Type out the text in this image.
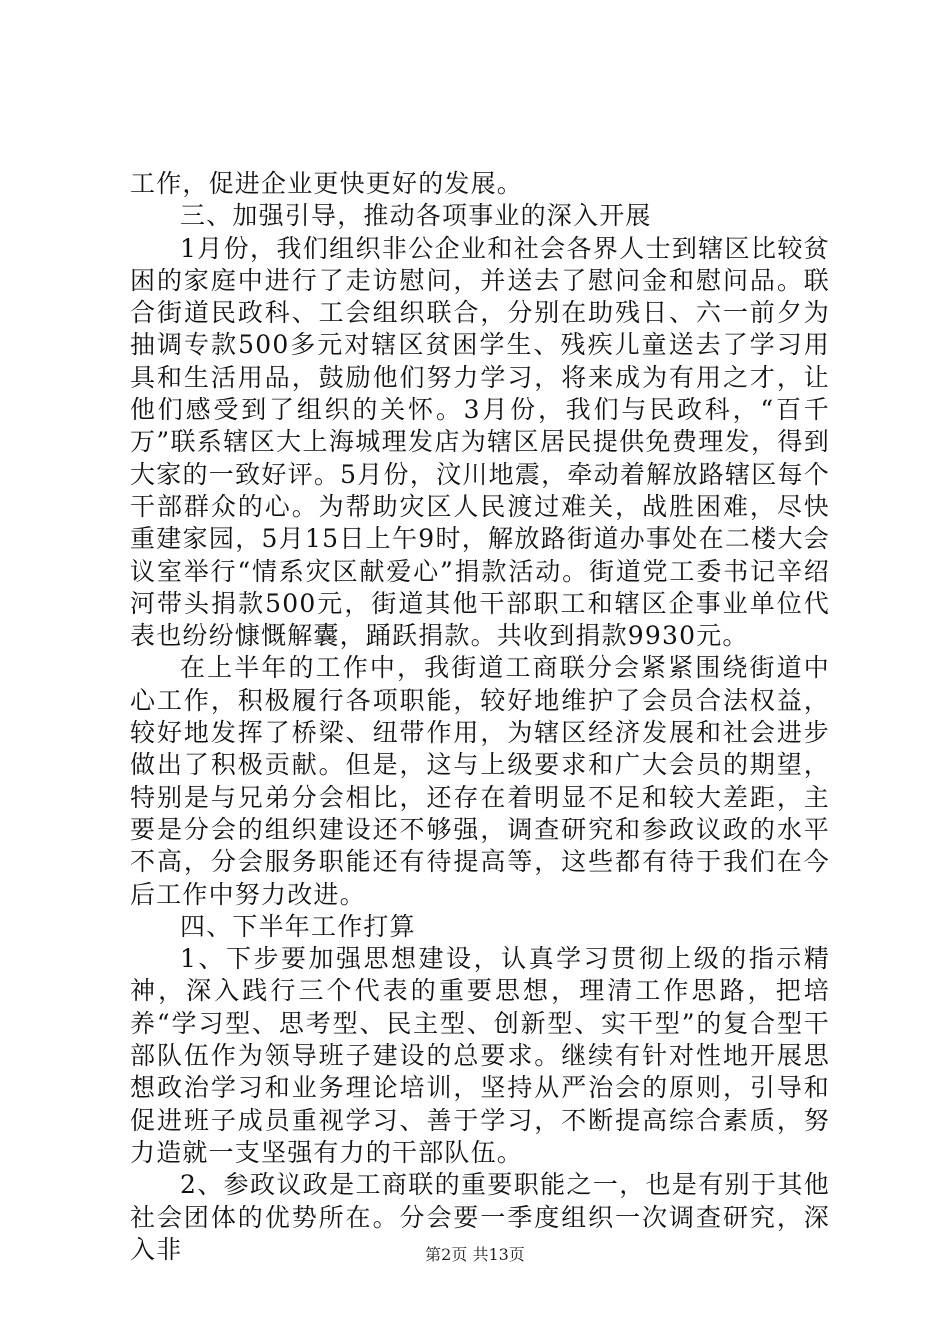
工作，促进企业更快更好的发展。

三、加强引导，推动各项事业的深入开展

1月份，我们组织非公企业和社会各界人士到辖区比较贫困的家庭中进行了走访慰问，并送去了慰问金和慰问品。联合街道民政科、工会组织联合，分别在助残日、六一前夕为抽调专款500多元对辖区贫困学生、残疾儿童送去了学习用具和生活用品，鼓励他们努力学习，将来成为有用之才，让他们感受到了组织的关怀。3月份，我们与民政科，“百千万”联系辖区大上海城理发店为辖区居民提供免费理发，得到大家的一致好评。5月份，汶川地震，牵动着解放路辖区每个干部群众的心。为帮助灾区人民渡过难关，战胜困难，尽快重建家园，5月15日上午9时，解放路街道办事处在二楼大会议室举行“情系灾区献爱心”捐款活动。街道党工委书记辛绍河带头捐款500元，街道其他干部职工和辖区企事业单位代表也纷纷慷慨解囊，踊跃捐款。共收到捐款9930元。

在上半年的工作中，我街道工商联分会紧紧围绕街道中心工作，积极履行各项职能，较好地维护了会员合法权益，较好地发挥了桥梁、纽带作用，为辖区经济发展和社会进步做出了积极贡献。但是，这与上级要求和广大会员的期望，特别是与兄弟分会相比，还存在着明显不足和较大差距，主要是分会的组织建设还不够强，调查研究和参政议政的水平不高，分会服务职能还有待提高等，这些都有待于我们在今后工作中努力改进。

四、下半年工作打算

1、下步要加强思想建设，认真学习贯彻上级的指示精神，深入践行三个代表的重要思想，理清工作思路，把培养“学习型、思考型、民主型、创新型、实干型”的复合型干部队伍作为领导班子建设的总要求。继续有针对性地开展思想政治学习和业务理论培训，坚持从严治会的原则，引导和促进班子成员重视学习、善于学习，不断提高综合素质，努力造就一支坚强有力的干部队伍。

2、参政议政是工商联的重要职能之一，也是有别于其他社会团体的优势所在。分会要一季度组织一次调查研究，深入非	第2页 共13页
